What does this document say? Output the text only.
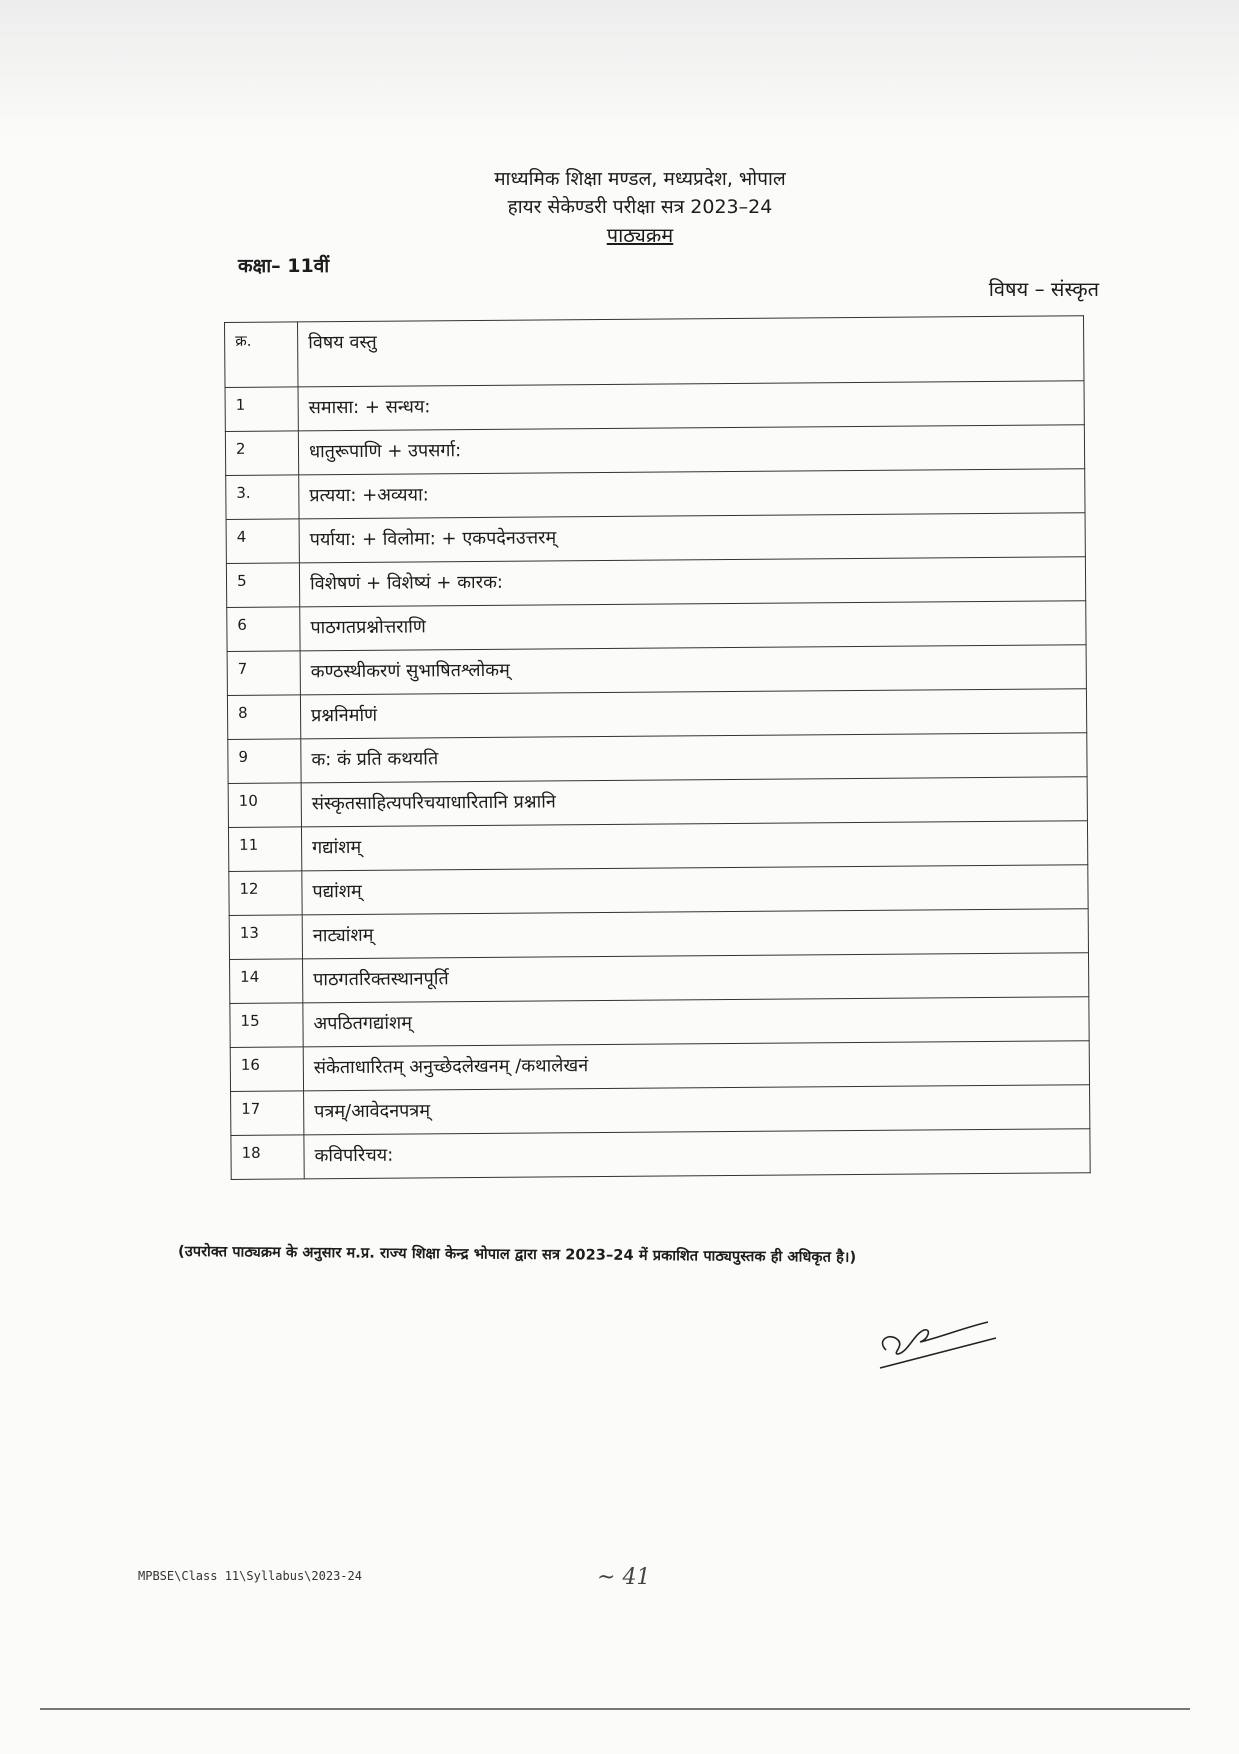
माध्यमिक शिक्षा मण्डल, मध्यप्रदेश, भोपाल
हायर सेकेण्डरी परीक्षा सत्र 2023–24
पाठ्यक्रम
कक्षा– 11वीं
विषय – संस्कृत
क्र.	विषय वस्तु
1	समासा: + सन्धय:
2	धातुरूपाणि + उपसर्गा:
3.	प्रत्यया: +अव्यया:
4	पर्याया: + विलोमा: + एकपदेनउत्तरम्
5	विशेषणं + विशेष्यं + कारक:
6	पाठगतप्रश्नोत्तराणि
7	कण्ठस्थीकरणं सुभाषितश्लोकम्
8	प्रश्ननिर्माणं
9	क: कं प्रति कथयति
10	संस्कृतसाहित्यपरिचयाधारितानि प्रश्नानि
11	गद्यांशम्
12	पद्यांशम्
13	नाट्यांशम्
14	पाठगतरिक्तस्थानपूर्ति
15	अपठितगद्यांशम्
16	संकेताधारितम् अनुच्छेदलेखनम् /कथालेखनं
17	पत्रम्/आवेदनपत्रम्
18	कविपरिचय:
(उपरोक्त पाठ्यक्रम के अनुसार म.प्र. राज्य शिक्षा केन्द्र भोपाल द्वारा सत्र 2023–24 में प्रकाशित पाठ्यपुस्तक ही अधिकृत है।)
MPBSE\Class 11\Syllabus\2023-24	~ 41
